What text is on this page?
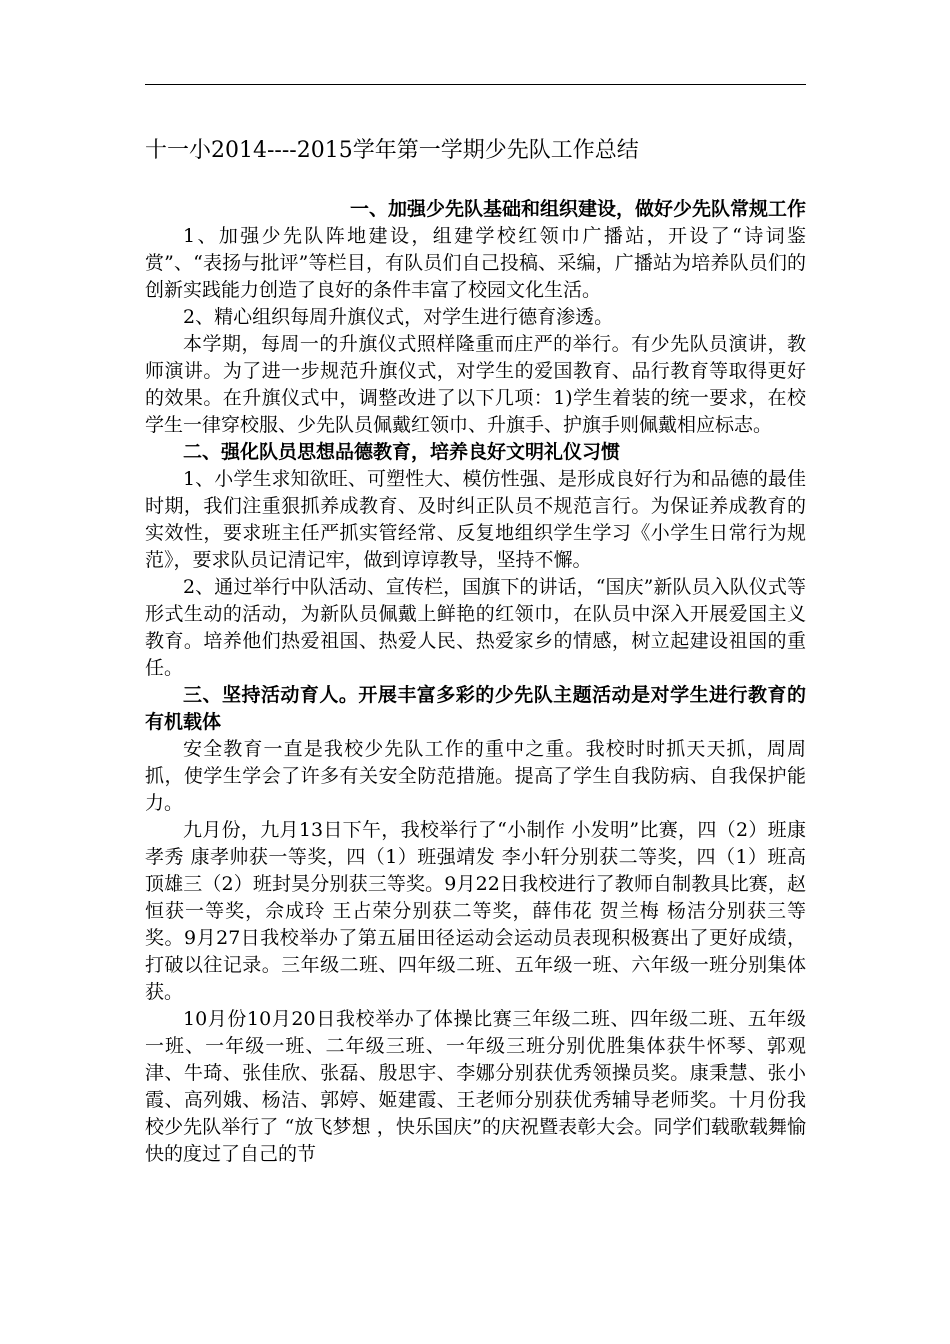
十一小2014----2015学年第一学期少先队工作总结

一、加强少先队基础和组织建设，做好少先队常规工作

1、加强少先队阵地建设，组建学校红领巾广播站，开设了“诗词鉴赏”、“表扬与批评”等栏目，有队员们自己投稿、采编，广播站为培养队员们的创新实践能力创造了良好的条件丰富了校园文化生活。

2、精心组织每周升旗仪式，对学生进行德育渗透。

本学期，每周一的升旗仪式照样隆重而庄严的举行。有少先队员演讲，教师演讲。为了进一步规范升旗仪式，对学生的爱国教育、品行教育等取得更好的效果。在升旗仪式中，调整改进了以下几项：1)学生着装的统一要求，在校学生一律穿校服、少先队员佩戴红领巾、升旗手、护旗手则佩戴相应标志。

二、强化队员思想品德教育，培养良好文明礼仪习惯

1、小学生求知欲旺、可塑性大、模仿性强、是形成良好行为和品德的最佳时期，我们注重狠抓养成教育、及时纠正队员不规范言行。为保证养成教育的实效性，要求班主任严抓实管经常、反复地组织学生学习《小学生日常行为规范》，要求队员记清记牢，做到谆谆教导，坚持不懈。

2、通过举行中队活动、宣传栏，国旗下的讲话，“国庆”新队员入队仪式等形式生动的活动，为新队员佩戴上鲜艳的红领巾，在队员中深入开展爱国主义教育。培养他们热爱祖国、热爱人民、热爱家乡的情感，树立起建设祖国的重任。

三、坚持活动育人。开展丰富多彩的少先队主题活动是对学生进行教育的有机载体

安全教育一直是我校少先队工作的重中之重。我校时时抓天天抓，周周抓，使学生学会了许多有关安全防范措施。提高了学生自我防病、自我保护能力。

九月份，九月13日下午，我校举行了“小制作 小发明”比赛，四（2）班康孝秀 康孝帅获一等奖，四（1）班强靖发 李小轩分别获二等奖，四（1）班高顶雄三（2）班封昊分别获三等奖。9月22日我校进行了教师自制教具比赛，赵恒获一等奖，佘成玲 王占荣分别获二等奖，薛伟花 贺兰梅 杨洁分别获三等奖。9月27日我校举办了第五届田径运动会运动员表现积极赛出了更好成绩，打破以往记录。三年级二班、四年级二班、五年级一班、六年级一班分别集体获。

10月份10月20日我校举办了体操比赛三年级二班、四年级二班、五年级一班、一年级一班、二年级三班、一年级三班分别优胜集体获牛怀琴、郭观津、牛琦、张佳欣、张磊、殷思宇、李娜分别获优秀领操员奖。康秉慧、张小霞、高列娥、杨洁、郭婷、姬建霞、王老师分别获优秀辅导老师奖。十月份我校少先队举行了 “放飞梦想 ，快乐国庆”的庆祝暨表彰大会。同学们载歌载舞愉快的度过了自己的节
